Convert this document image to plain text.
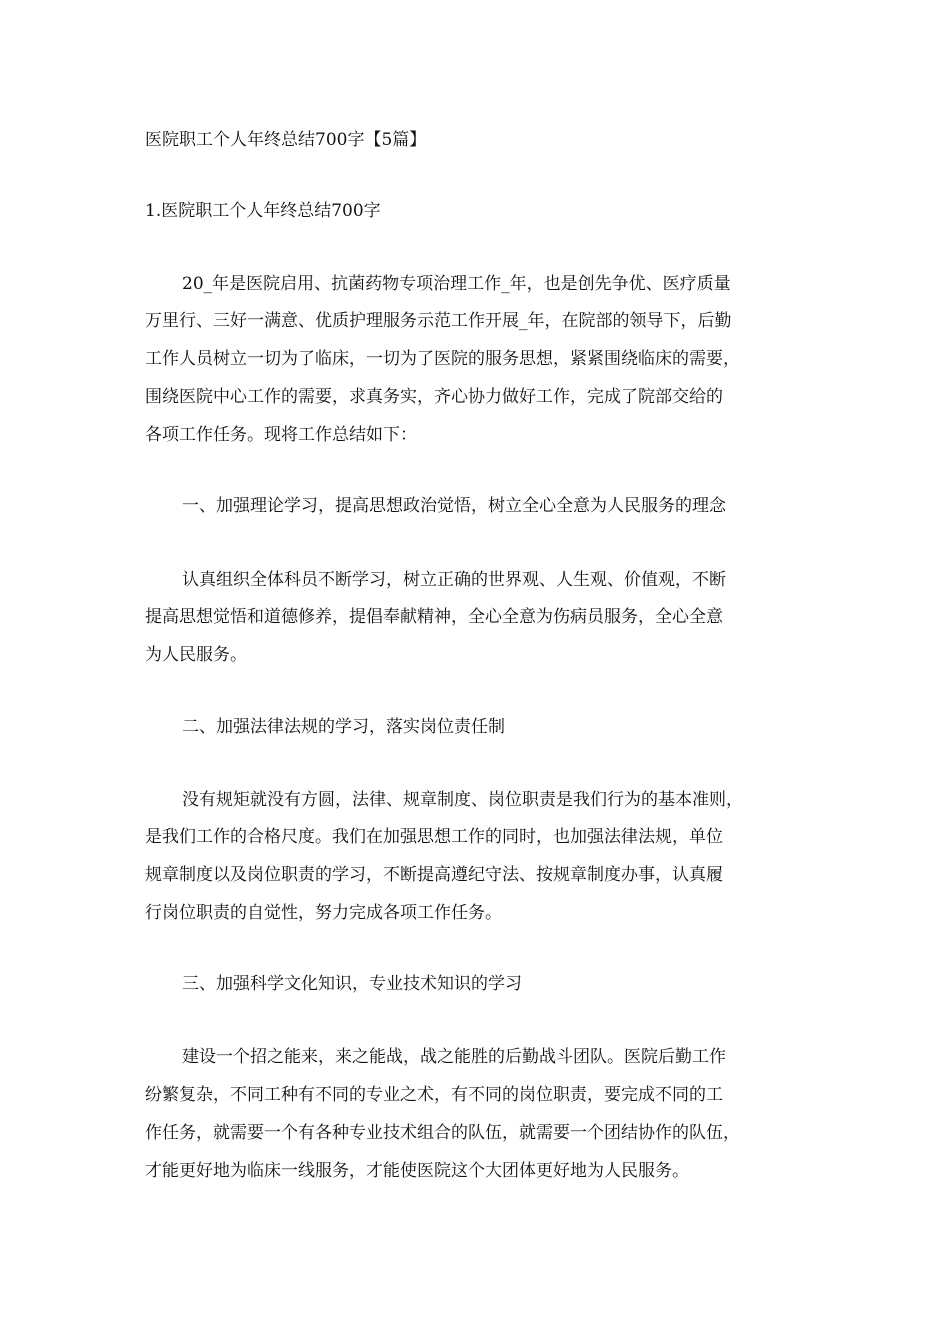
医院职工个人年终总结700字【5篇】
1.医院职工个人年终总结700字
20_年是医院启用、抗菌药物专项治理工作_年，也是创先争优、医疗质量
万里行、三好一满意、优质护理服务示范工作开展_年，在院部的领导下，后勤
工作人员树立一切为了临床，一切为了医院的服务思想，紧紧围绕临床的需要，
围绕医院中心工作的需要，求真务实，齐心协力做好工作，完成了院部交给的
各项工作任务。现将工作总结如下：
一、加强理论学习，提高思想政治觉悟，树立全心全意为人民服务的理念
认真组织全体科员不断学习，树立正确的世界观、人生观、价值观，不断
提高思想觉悟和道德修养，提倡奉献精神，全心全意为伤病员服务，全心全意
为人民服务。
二、加强法律法规的学习，落实岗位责任制
没有规矩就没有方圆，法律、规章制度、岗位职责是我们行为的基本准则，
是我们工作的合格尺度。我们在加强思想工作的同时，也加强法律法规，单位
规章制度以及岗位职责的学习，不断提高遵纪守法、按规章制度办事，认真履
行岗位职责的自觉性，努力完成各项工作任务。
三、加强科学文化知识，专业技术知识的学习
建设一个招之能来，来之能战，战之能胜的后勤战斗团队。医院后勤工作
纷繁复杂，不同工种有不同的专业之术，有不同的岗位职责，要完成不同的工
作任务，就需要一个有各种专业技术组合的队伍，就需要一个团结协作的队伍，
才能更好地为临床一线服务，才能使医院这个大团体更好地为人民服务。
